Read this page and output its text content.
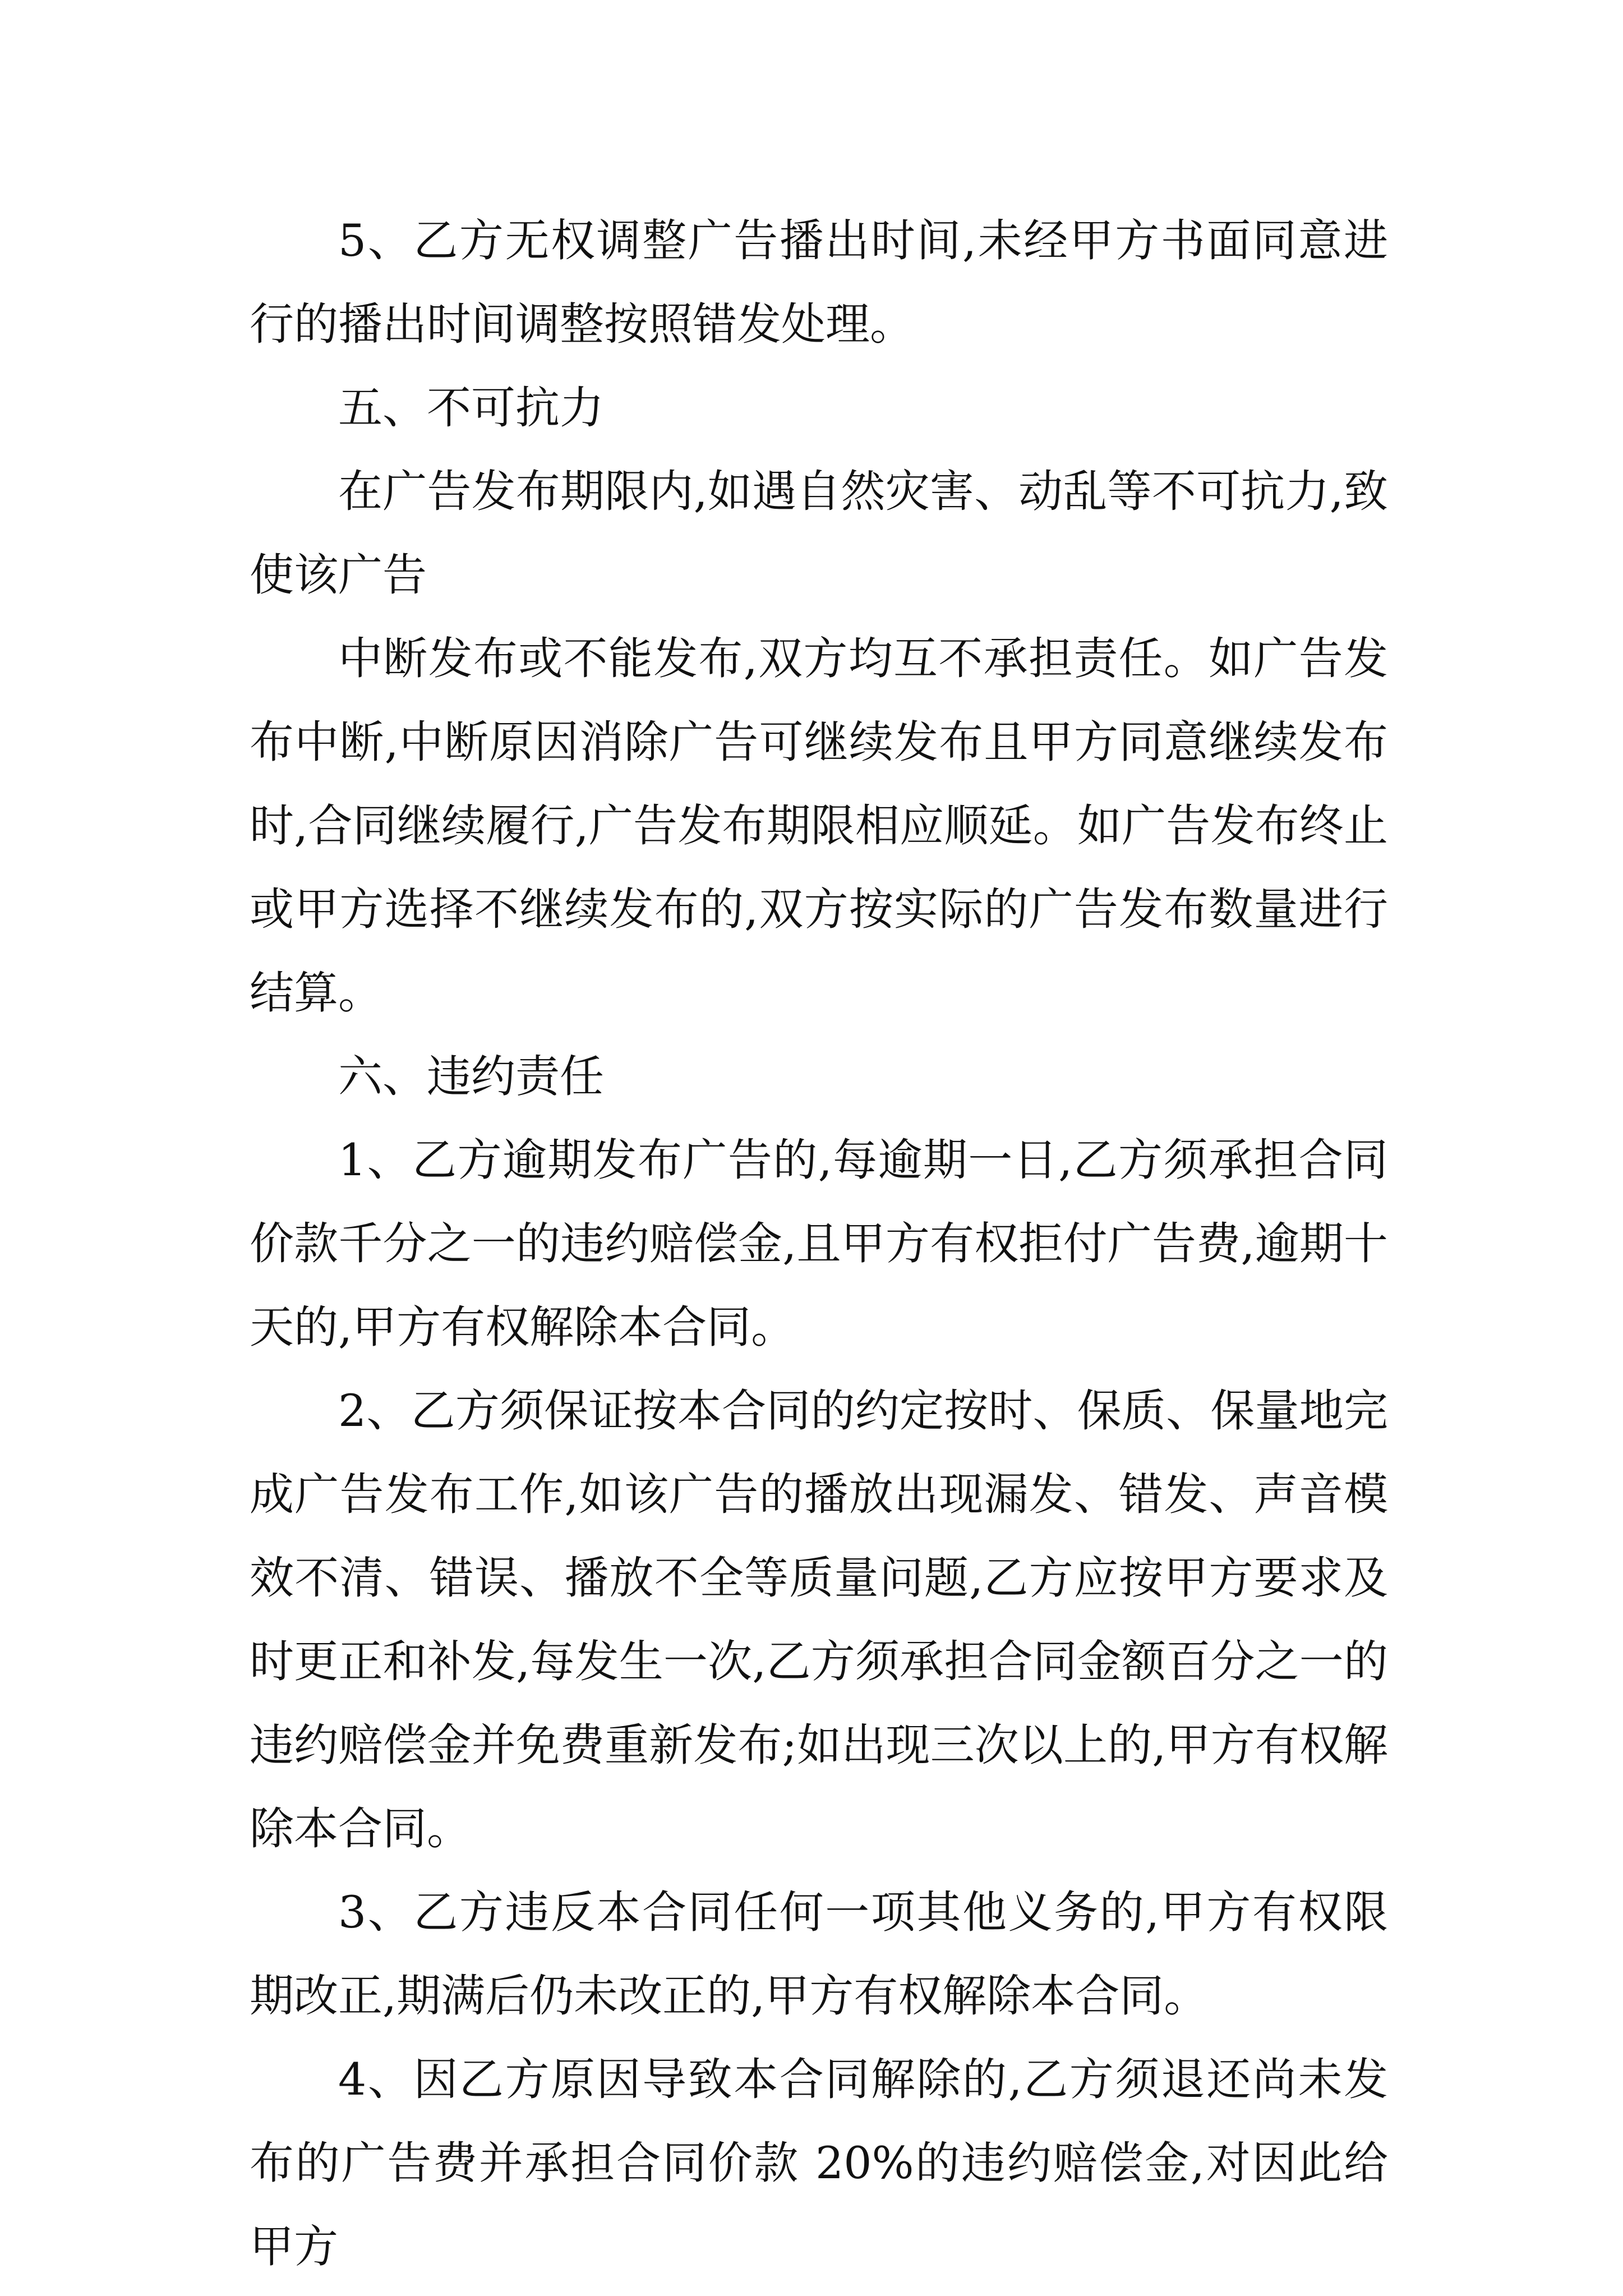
5、乙方无权调整广告播出时间,未经甲方书面同意进行的播出时间调整按照错发处理。

五、不可抗力

在广告发布期限内,如遇自然灾害、动乱等不可抗力,致使该广告

中断发布或不能发布,双方均互不承担责任。如广告发布中断,中断原因消除广告可继续发布且甲方同意继续发布时,合同继续履行,广告发布期限相应顺延。如广告发布终止或甲方选择不继续发布的,双方按实际的广告发布数量进行结算。

六、违约责任

1、乙方逾期发布广告的,每逾期一日,乙方须承担合同价款千分之一的违约赔偿金,且甲方有权拒付广告费,逾期十天的,甲方有权解除本合同。

2、乙方须保证按本合同的约定按时、保质、保量地完成广告发布工作,如该广告的播放出现漏发、错发、声音模效不清、错误、播放不全等质量问题,乙方应按甲方要求及时更正和补发,每发生一次,乙方须承担合同金额百分之一的违约赔偿金并免费重新发布;如出现三次以上的,甲方有权解除本合同。

3、乙方违反本合同任何一项其他义务的,甲方有权限期改正,期满后仍未改正的,甲方有权解除本合同。

4、因乙方原因导致本合同解除的,乙方须退还尚未发布的广告费并承担合同价款 20%的违约赔偿金,对因此给甲方
